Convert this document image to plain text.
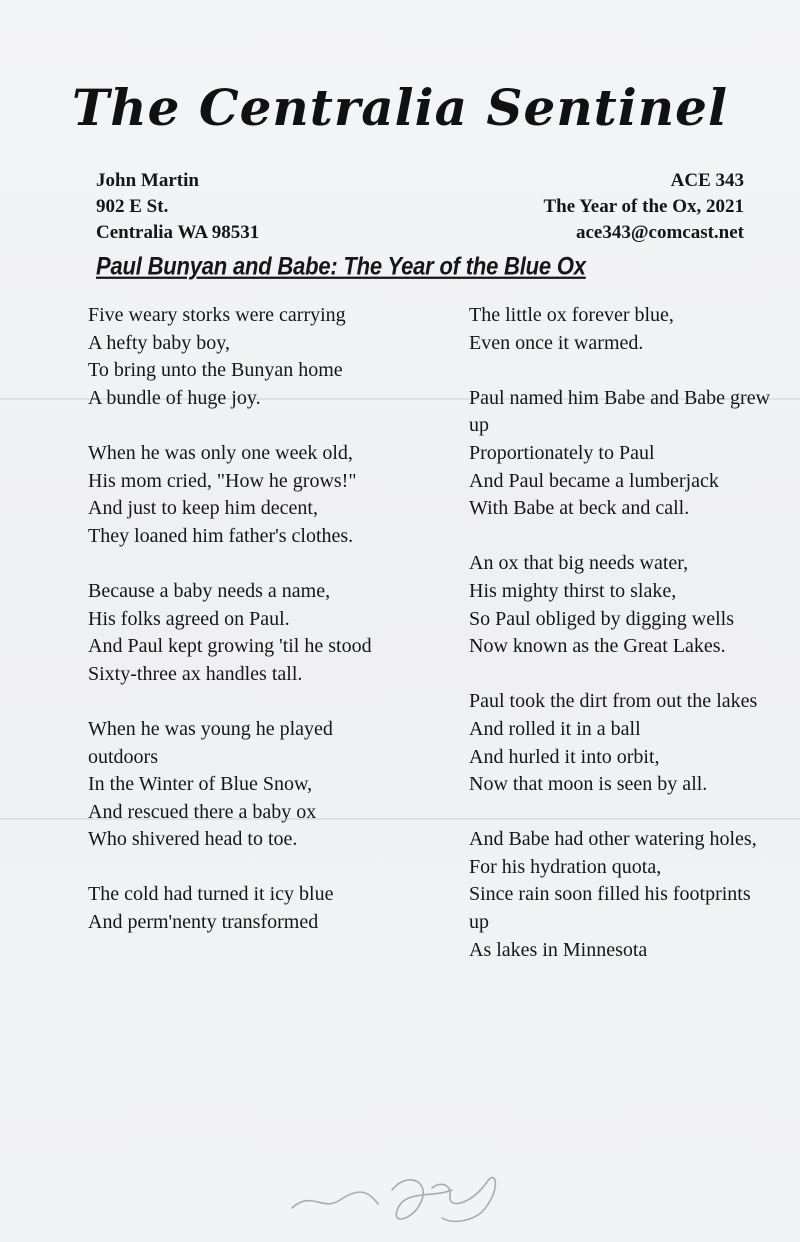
The Centralia Sentinel
John Martin
902 E St.
Centralia WA 98531
ACE 343
The Year of the Ox, 2021
ace343@comcast.net
Paul Bunyan and Babe: The Year of the Blue Ox
Five weary storks were carrying
A hefty baby boy,
To bring unto the Bunyan home
A bundle of huge joy.
When he was only one week old,
His mom cried, "How he grows!"
And just to keep him decent,
They loaned him father's clothes.
Because a baby needs a name,
His folks agreed on Paul.
And Paul kept growing 'til he stood
Sixty-three ax handles tall.
When he was young he played outdoors
In the Winter of Blue Snow,
And rescued there a baby ox
Who shivered head to toe.
The cold had turned it icy blue
And perm'nenty transformed
The little ox forever blue,
Even once it warmed.
Paul named him Babe and Babe grew up
Proportionately to Paul
And Paul became a lumberjack
With Babe at beck and call.
An ox that big needs water,
His mighty thirst to slake,
So Paul obliged by digging wells
Now known as the Great Lakes.
Paul took the dirt from out the lakes
And rolled it in a ball
And hurled it into orbit,
Now that moon is seen by all.
And Babe had other watering holes,
For his hydration quota,
Since rain soon filled his footprints up
As lakes in Minnesota
